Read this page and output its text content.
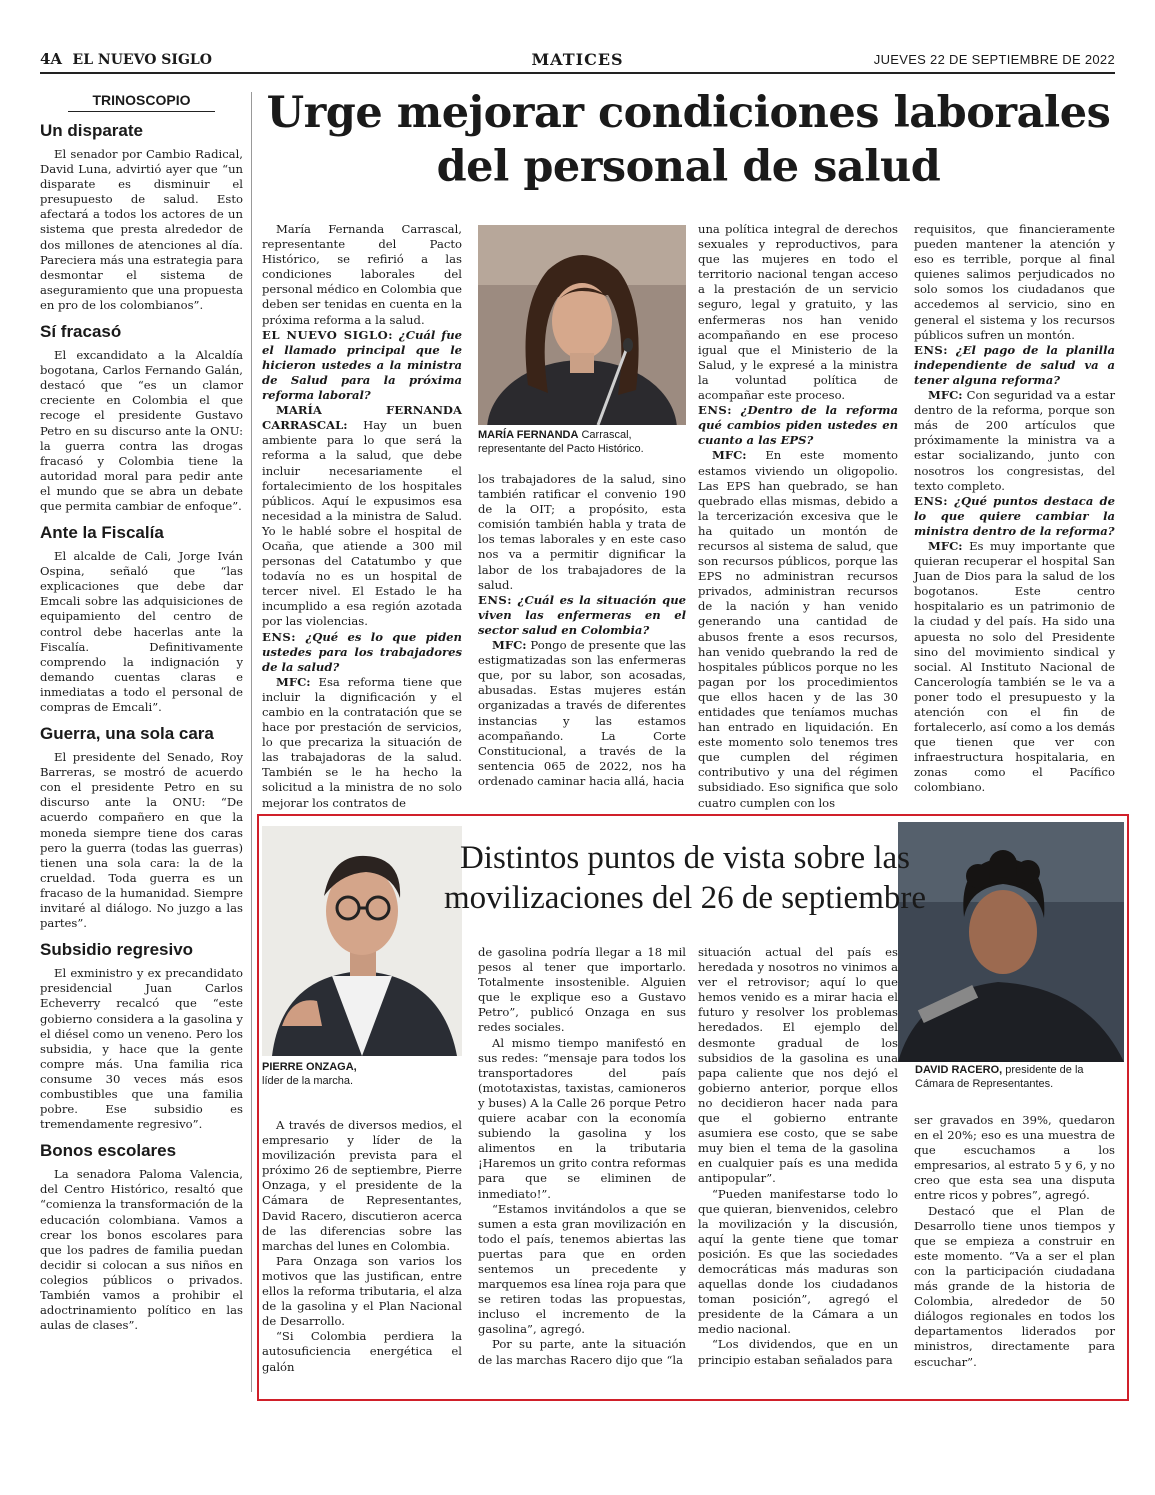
4A EL NUEVO SIGLO	MATICES	JUEVES 22 DE SEPTIEMBRE DE 2022
TRINOSCOPIO
Un disparate

El senador por Cambio Radical, David Luna, advirtió ayer que “un disparate es disminuir el presupuesto de salud. Esto afectará a todos los actores de un sistema que presta alrededor de dos millones de atenciones al día. Pareciera más una estrategia para desmontar el sistema de aseguramiento que una propuesta en pro de los colombianos”.

Sí fracasó

El excandidato a la Alcaldía bogotana, Carlos Fernando Galán, destacó que “es un clamor creciente en Colombia el que recoge el presidente Gustavo Petro en su discurso ante la ONU: la guerra contra las drogas fracasó y Colombia tiene la autoridad moral para pedir ante el mundo que se abra un debate que permita cambiar de enfoque”.

Ante la Fiscalía

El alcalde de Cali, Jorge Iván Ospina, señaló que “las explicaciones que debe dar Emcali sobre las adquisiciones de equipamiento del centro de control debe hacerlas ante la Fiscalía. Definitivamente comprendo la indignación y demando cuentas claras e inmediatas a todo el personal de compras de Emcali”.

Guerra, una sola cara

El presidente del Senado, Roy Barreras, se mostró de acuerdo con el presidente Petro en su discurso ante la ONU: “De acuerdo compañero en que la moneda siempre tiene dos caras pero la guerra (todas las guerras) tienen una sola cara: la de la crueldad. Toda guerra es un fracaso de la humanidad. Siempre invitaré al diálogo. No juzgo a las partes”.

Subsidio regresivo

El exministro y ex precandidato presidencial Juan Carlos Echeverry recalcó que “este gobierno considera a la gasolina y el diésel como un veneno. Pero los subsidia, y hace que la gente compre más. Una familia rica consume 30 veces más esos combustibles que una familia pobre. Ese subsidio es tremendamente regresivo”.

Bonos escolares

La senadora Paloma Valencia, del Centro Histórico, resaltó que “comienza la transformación de la educación colombiana. Vamos a crear los bonos escolares para que los padres de familia puedan decidir si colocan a sus niños en colegios públicos o privados. También vamos a prohibir el adoctrinamiento político en las aulas de clases”.

Urge mejorar condiciones laborales
del personal de salud

María Fernanda Carrascal, representante del Pacto Histórico, se refirió a las condiciones laborales del personal médico en Colombia que deben ser tenidas en cuenta en la próxima reforma a la salud.

EL NUEVO SIGLO: ¿Cuál fue el llamado principal que le hicieron ustedes a la ministra de Salud para la próxima reforma laboral?

MARÍA FERNANDA CARRASCAL: Hay un buen ambiente para lo que será la reforma a la salud, que debe incluir necesariamente el fortalecimiento de los hospitales públicos. Aquí le expusimos esa necesidad a la ministra de Salud. Yo le hablé sobre el hospital de Ocaña, que atiende a 300 mil personas del Catatumbo y que todavía no es un hospital de tercer nivel. El Estado le ha incumplido a esa región azotada por las violencias.

ENS: ¿Qué es lo que piden ustedes para los trabajadores de la salud?

MFC: Esa reforma tiene que incluir la dignificación y el cambio en la contratación que se hace por prestación de servicios, lo que precariza la situación de las trabajadoras de la salud. También se le ha hecho la solicitud a la ministra de no solo mejorar los contratos de

los trabajadores de la salud, sino también ratificar el convenio 190 de la OIT; a propósito, esta comisión también habla y trata de los temas laborales y en este caso nos va a permitir dignificar la labor de los trabajadores de la salud.

ENS: ¿Cuál es la situación que viven las enfermeras en el sector salud en Colombia?

MFC: Pongo de presente que las estigmatizadas son las enfermeras que, por su labor, son acosadas, abusadas. Estas mujeres están organizadas a través de diferentes instancias y las estamos acompañando. La Corte Constitucional, a través de la sentencia 065 de 2022, nos ha ordenado caminar hacia allá, hacia

una política integral de derechos sexuales y reproductivos, para que las mujeres en todo el territorio nacional tengan acceso a la prestación de un servicio seguro, legal y gratuito, y las enfermeras nos han venido acompañando en ese proceso igual que el Ministerio de la Salud, y le expresé a la ministra la voluntad política de acompañar este proceso.

ENS: ¿Dentro de la reforma qué cambios piden ustedes en cuanto a las EPS?

MFC: En este momento estamos viviendo un oligopolio. Las EPS han quebrado, se han quebrado ellas mismas, debido a la tercerización excesiva que le ha quitado un montón de recursos al sistema de salud, que son recursos públicos, porque las EPS no administran recursos privados, administran recursos de la nación y han venido generando una cantidad de abusos frente a esos recursos, han venido quebrando la red de hospitales públicos porque no les pagan por los procedimientos que ellos hacen y de las 30 entidades que teníamos muchas han entrado en liquidación. En este momento solo tenemos tres que cumplen del régimen contributivo y una del régimen subsidiado. Eso significa que solo cuatro cumplen con los

requisitos, que financieramente pueden mantener la atención y eso es terrible, porque al final quienes salimos perjudicados no solo somos los ciudadanos que accedemos al servicio, sino en general el sistema y los recursos públicos sufren un montón.

ENS: ¿El pago de la planilla independiente de salud va a tener alguna reforma?

MFC: Con seguridad va a estar dentro de la reforma, porque son más de 200 artículos que próximamente la ministra va a estar socializando, junto con nosotros los congresistas, del texto completo.

ENS: ¿Qué puntos destaca de lo que quiere cambiar la ministra dentro de la reforma?

MFC: Es muy importante que quieran recuperar el hospital San Juan de Dios para la salud de los bogotanos. Este centro hospitalario es un patrimonio de la ciudad y del país. Ha sido una apuesta no solo del Presidente sino del movimiento sindical y social. Al Instituto Nacional de Cancerología también se le va a poner todo el presupuesto y la atención con el fin de fortalecerlo, así como a los demás que tienen que ver con infraestructura hospitalaria, en zonas como el Pacífico colombiano.

MARÍA FERNANDA Carrascal, representante del Pacto Histórico.
Distintos puntos de vista sobre las
movilizaciones del 26 de septiembre
PIERRE ONZAGA,
líder de la marcha.
DAVID RACERO, presidente de la Cámara de Representantes.

A través de diversos medios, el empresario y líder de la movilización prevista para el próximo 26 de septiembre, Pierre Onzaga, y el presidente de la Cámara de Representantes, David Racero, discutieron acerca de las diferencias sobre las marchas del lunes en Colombia.

Para Onzaga son varios los motivos que las justifican, entre ellos la reforma tributaria, el alza de la gasolina y el Plan Nacional de Desarrollo.

“Si Colombia perdiera la autosuficiencia energética el galón

de gasolina podría llegar a 18 mil pesos al tener que importarlo. Totalmente insostenible. Alguien que le explique eso a Gustavo Petro”, publicó Onzaga en sus redes sociales.

Al mismo tiempo manifestó en sus redes: “mensaje para todos los transportadores del país (mototaxistas, taxistas, camioneros y buses) A la Calle 26 porque Petro quiere acabar con la economía subiendo la gasolina y los alimentos en la tributaria ¡Haremos un grito contra reformas para que se eliminen de inmediato!”.

“Estamos invitándolos a que se sumen a esta gran movilización en todo el país, tenemos abiertas las puertas para que en orden sentemos un precedente y marquemos esa línea roja para que se retiren todas las propuestas, incluso el incremento de la gasolina”, agregó.

Por su parte, ante la situación de las marchas Racero dijo que “la

situación actual del país es heredada y nosotros no vinimos a ver el retrovisor; aquí lo que hemos venido es a mirar hacia el futuro y resolver los problemas heredados. El ejemplo del desmonte gradual de los subsidios de la gasolina es una papa caliente que nos dejó el gobierno anterior, porque ellos no decidieron hacer nada para que el gobierno entrante asumiera ese costo, que se sabe muy bien el tema de la gasolina en cualquier país es una medida antipopular”.

“Pueden manifestarse todo lo que quieran, bienvenidos, celebro la movilización y la discusión, aquí la gente tiene que tomar posición. Es que las sociedades democráticas más maduras son aquellas donde los ciudadanos toman posición”, agregó el presidente de la Cámara a un medio nacional.

“Los dividendos, que en un principio estaban señalados para

ser gravados en 39%, quedaron en el 20%; eso es una muestra de que escuchamos a los empresarios, al estrato 5 y 6, y no creo que esta sea una disputa entre ricos y pobres”, agregó.

Destacó que el Plan de Desarrollo tiene unos tiempos y que se empieza a construir en este momento. “Va a ser el plan con la participación ciudadana más grande de la historia de Colombia, alrededor de 50 diálogos regionales en todos los departamentos liderados por ministros, directamente para escuchar”.
